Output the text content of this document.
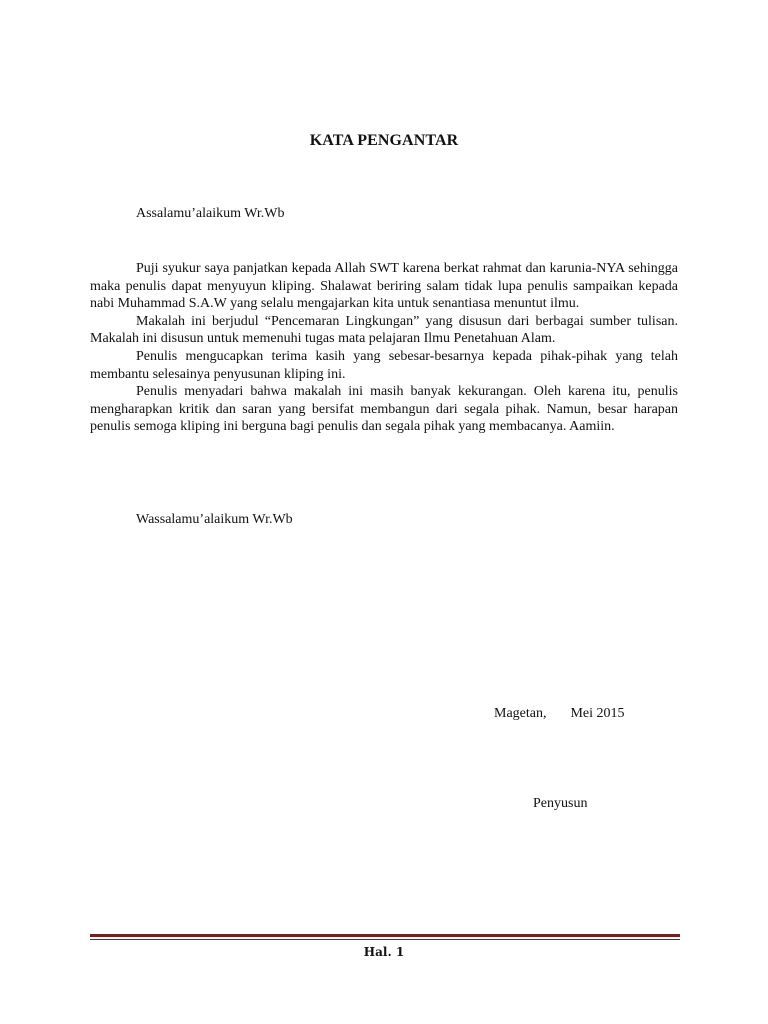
KATA PENGANTAR
Assalamu’alaikum Wr.Wb

Puji syukur saya panjatkan kepada Allah SWT karena berkat rahmat dan karunia-NYA sehingga maka penulis dapat menyuyun kliping. Shalawat beriring salam tidak lupa penulis sampaikan kepada nabi Muhammad S.A.W yang selalu mengajarkan kita untuk senantiasa menuntut ilmu.

Makalah ini berjudul “Pencemaran Lingkungan” yang disusun dari berbagai sumber tulisan. Makalah ini disusun untuk memenuhi tugas mata pelajaran Ilmu Penetahuan Alam.

Penulis mengucapkan terima kasih yang sebesar-besarnya kepada pihak-pihak yang telah membantu selesainya penyusunan kliping ini.

Penulis menyadari bahwa makalah ini masih banyak kekurangan. Oleh karena itu, penulis mengharapkan kritik dan saran yang bersifat membangun dari segala pihak. Namun, besar harapan penulis semoga kliping ini berguna bagi penulis dan segala pihak yang membacanya. Aamiin.

Wassalamu’alaikum Wr.Wb
Magetan, Mei 2015
Penyusun
Hal. 1
